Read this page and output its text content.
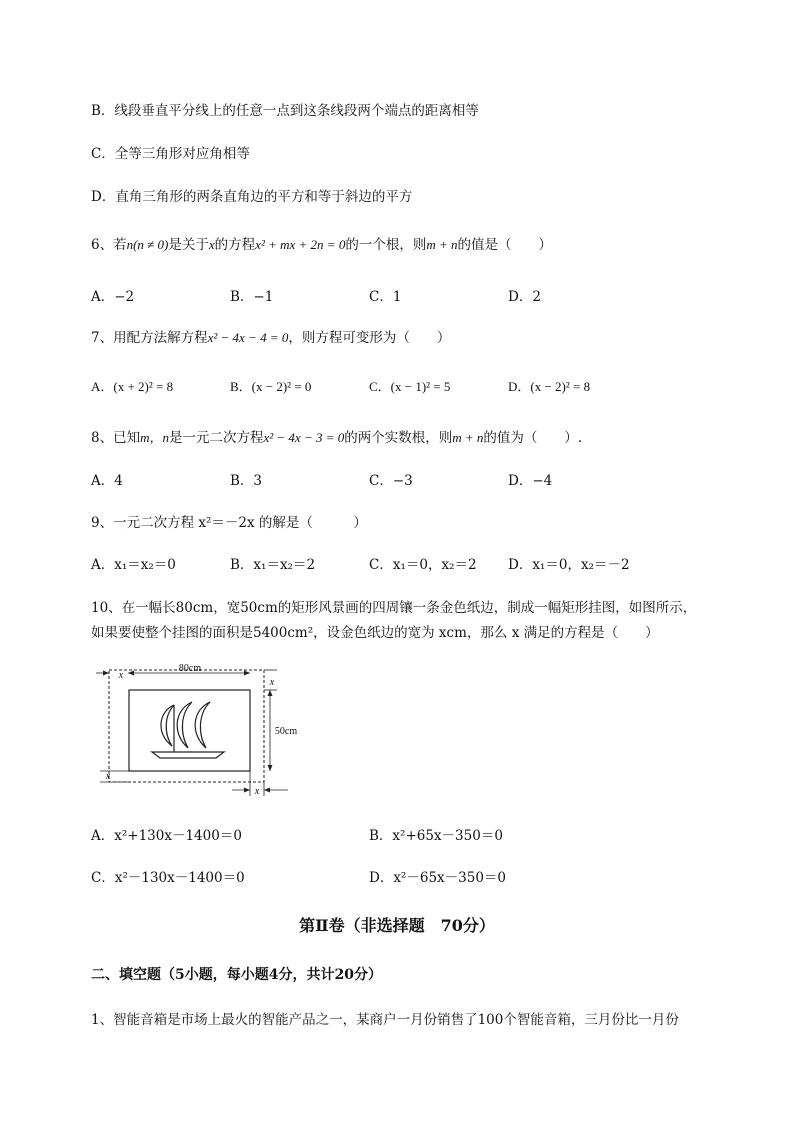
B．线段垂直平分线上的任意一点到这条线段两个端点的距离相等
C．全等三角形对应角相等
D．直角三角形的两条直角边的平方和等于斜边的平方
6、若n(n ≠ 0)是关于x的方程x² + mx + 2n = 0的一个根，则m + n的值是（　　）
A．−2	B．−1	C．1	D．2
7、用配方法解方程x² − 4x − 4 = 0，则方程可变形为（　　）
A．(x + 2)² = 8	B．(x − 2)² = 0	C．(x − 1)² = 5	D．(x − 2)² = 8
8、已知m，n是一元二次方程x² − 4x − 3 = 0的两个实数根，则m + n的值为（　　）.
A．4	B．3	C．−3	D．−4
9、一元二次方程 x²＝－2x 的解是（　　　）
A．x₁＝x₂＝0	B．x₁＝x₂＝2	C．x₁＝0，x₂＝2 D．x₁＝0，x₂＝－2
10、在一幅长80cm，宽50cm的矩形风景画的四周镶一条金色纸边，制成一幅矩形挂图，如图所示，
如果要使整个挂图的面积是5400cm²，设金色纸边的宽为 xcm，那么 x 满足的方程是（　　）
80cm
x
50cm
x
x
x
A．x²+130x－1400＝0	B．x²+65x－350＝0
C．x²－130x－1400＝0	D．x²－65x－350＝0
第Ⅱ卷（非选择题　70分）
二、填空题（5小题，每小题4分，共计20分）
1、智能音箱是市场上最火的智能产品之一，某商户一月份销售了100个智能音箱，三月份比一月份
